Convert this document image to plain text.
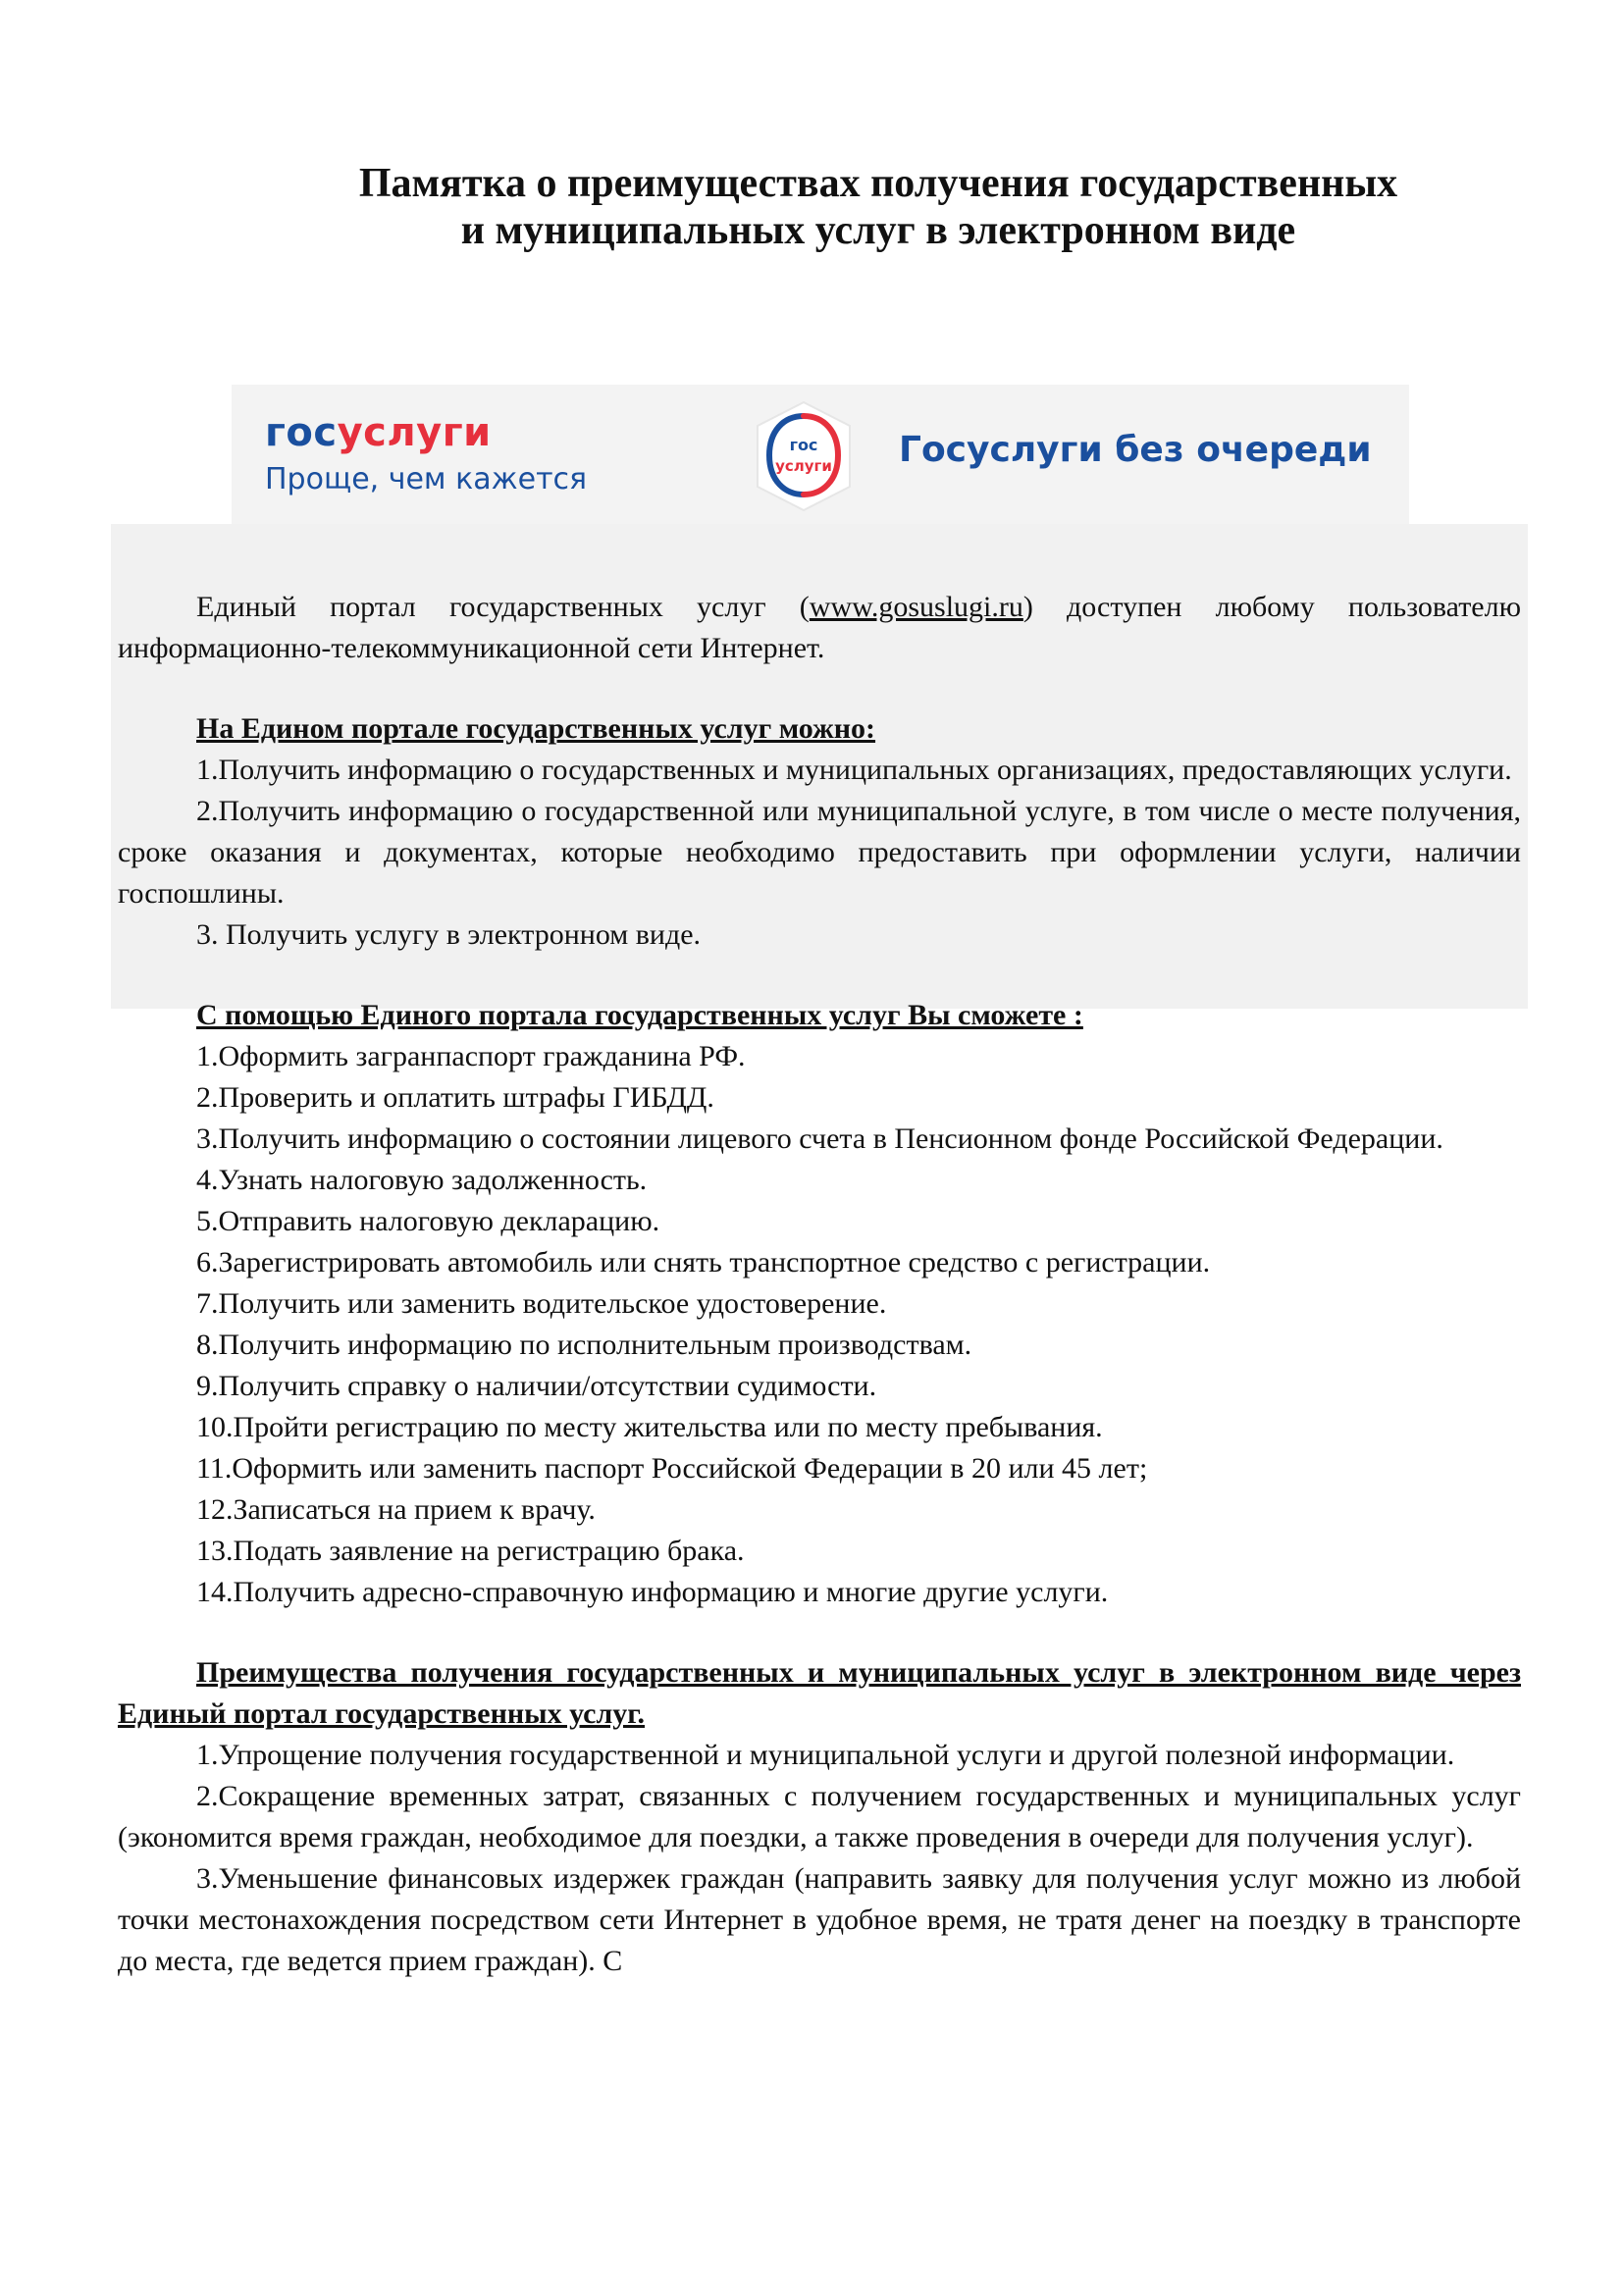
Памятка о преимуществах получения государственных
и муниципальных услуг в электронном виде
госуслуги
Проще, чем кажется
гос
услуги Госуслуги без очереди

Единый портал государственных услуг (www.gosuslugi.ru) доступен любому пользователю информационно-телекоммуникационной сети Интернет.

На Едином портале государственных услуг можно:

1.Получить информацию о государственных и муниципальных организациях, предоставляющих услуги.

2.Получить информацию о государственной или муниципальной услуге, в том числе о месте получения, сроке оказания и документах, которые необходимо предоставить при оформлении услуги, наличии госпошлины.

3. Получить услугу в электронном виде.

С помощью Единого портала государственных услуг Вы сможете :

1.Оформить загранпаспорт гражданина РФ.

2.Проверить и оплатить штрафы ГИБДД.

3.Получить информацию о состоянии лицевого счета в Пенсионном фонде Российской Федерации.

4.Узнать налоговую задолженность.

5.Отправить налоговую декларацию.

6.Зарегистрировать автомобиль или снять транспортное средство с регистрации.

7.Получить или заменить водительское удостоверение.

8.Получить информацию по исполнительным производствам.

9.Получить справку о наличии/отсутствии судимости.

10.Пройти регистрацию по месту жительства или по месту пребывания.

11.Оформить или заменить паспорт Российской Федерации в 20 или 45 лет;

12.Записаться на прием к врачу.

13.Подать заявление на регистрацию брака.

14.Получить адресно-справочную информацию и многие другие услуги.

Преимущества получения государственных и муниципальных услуг в электронном виде через Единый портал государственных услуг.

1.Упрощение получения государственной и муниципальной услуги и другой полезной информации.

2.Сокращение временных затрат, связанных с получением государственных и муниципальных услуг (экономится время граждан, необходимое для поездки, а также проведения в очереди для получения услуг).

3.Уменьшение финансовых издержек граждан (направить заявку для получения услуг можно из любой точки местонахождения посредством сети Интернет в удобное время, не тратя денег на поездку в транспорте до места, где ведется прием граждан). С
